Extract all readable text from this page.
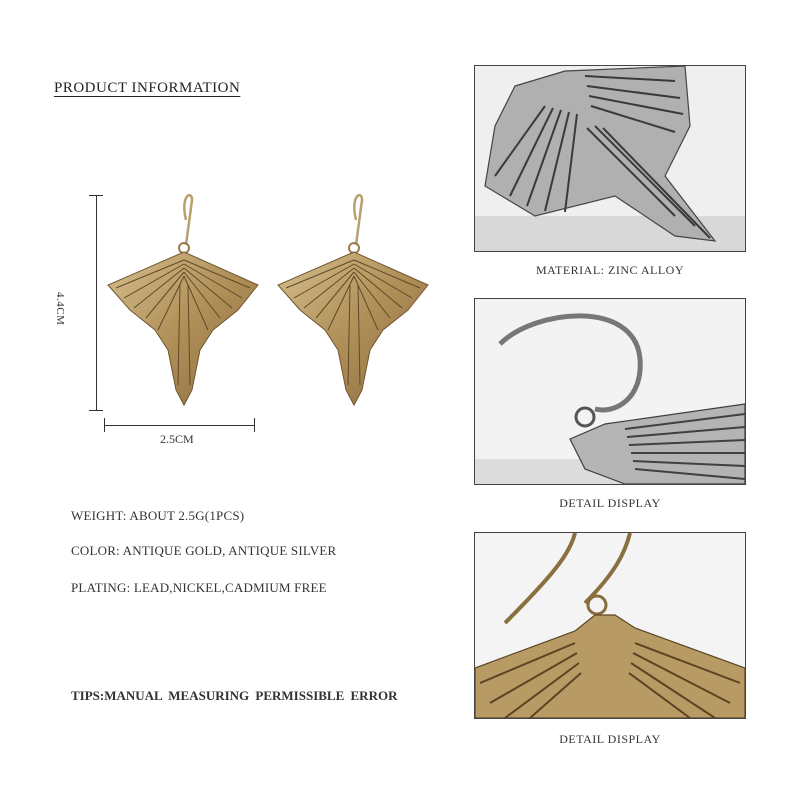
PRODUCT INFORMATION
4.4CM
2.5CM
WEIGHT: ABOUT 2.5G(1PCS)
COLOR: ANTIQUE GOLD, ANTIQUE SILVER
PLATING: LEAD,NICKEL,CADMIUM FREE
TIPS:MANUAL MEASURING PERMISSIBLE ERROR
MATERIAL: ZINC ALLOY
DETAIL DISPLAY
DETAIL DISPLAY
